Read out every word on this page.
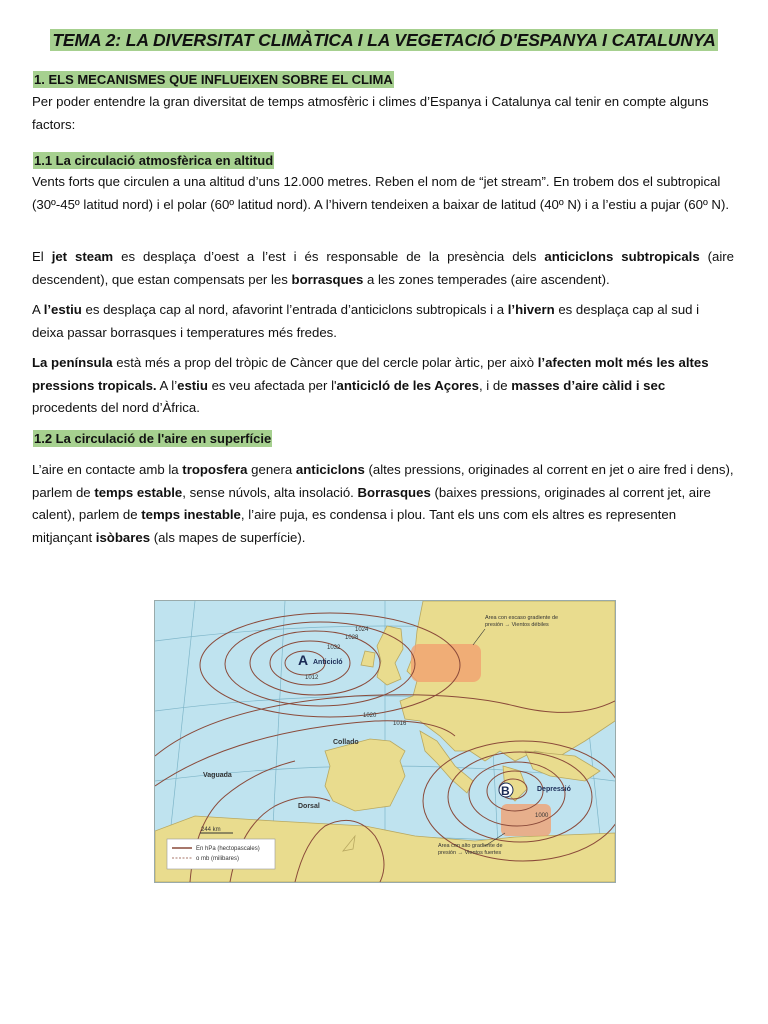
TEMA 2: LA DIVERSITAT CLIMÀTICA I LA VEGETACIÓ D'ESPANYA I CATALUNYA
1. ELS MECANISMES QUE INFLUEIXEN SOBRE EL CLIMA

Per poder entendre la gran diversitat de temps atmosfèric i climes d’Espanya i Catalunya cal tenir en compte alguns factors:

1.1 La circulació atmosfèrica en altitud

Vents forts que circulen a una altitud d’uns 12.000 metres. Reben el nom de “jet stream”. En trobem dos el subtropical (30º-45º latitud nord) i el polar (60º latitud nord). A l’hivern tendeixen a baixar de latitud (40º N) i a l’estiu a pujar (60º N).

El jet steam es desplaça d’oest a l’est i és responsable de la presència dels anticiclons subtropicals (aire descendent), que estan compensats per les borrasques a les zones temperades (aire ascendent).

A l’estiu es desplaça cap al nord, afavorint l’entrada d’anticiclons subtropicals i a l’hivern es desplaça cap al sud i deixa passar borrasques i temperatures més fredes.

La península està més a prop del tròpic de Càncer que del cercle polar àrtic, per això l’afecten molt més les altes pressions tropicals. A l’estiu es veu afectada per l'anticicló de les Açores, i de masses d’aire càlid i sec procedents del nord d’Àfrica.

1.2 La circulació de l'aire en superfície

L’aire en contacte amb la troposfera genera anticiclons (altes pressions, originades al corrent en jet o aire fred i dens), parlem de temps estable, sense núvols, alta insolació. Borrasques (baixes pressions, originades al corrent jet, aire calent), parlem de temps inestable, l’aire puja, es condensa i plou. Tant els uns com els altres es representen mitjançant isòbares (als mapes de superfície).

1032
1028
1024
1020
1016
1012
1000
A Anticicló
B	Depressió
Collado
Vaguada
Dorsal
Àrea con escaso gradiente de presión → Vientos débiles
Àrea con alto gradiente de presión → Vientos fuertes
244 km
En hPa (hectopascales)
o mb (milibares)
